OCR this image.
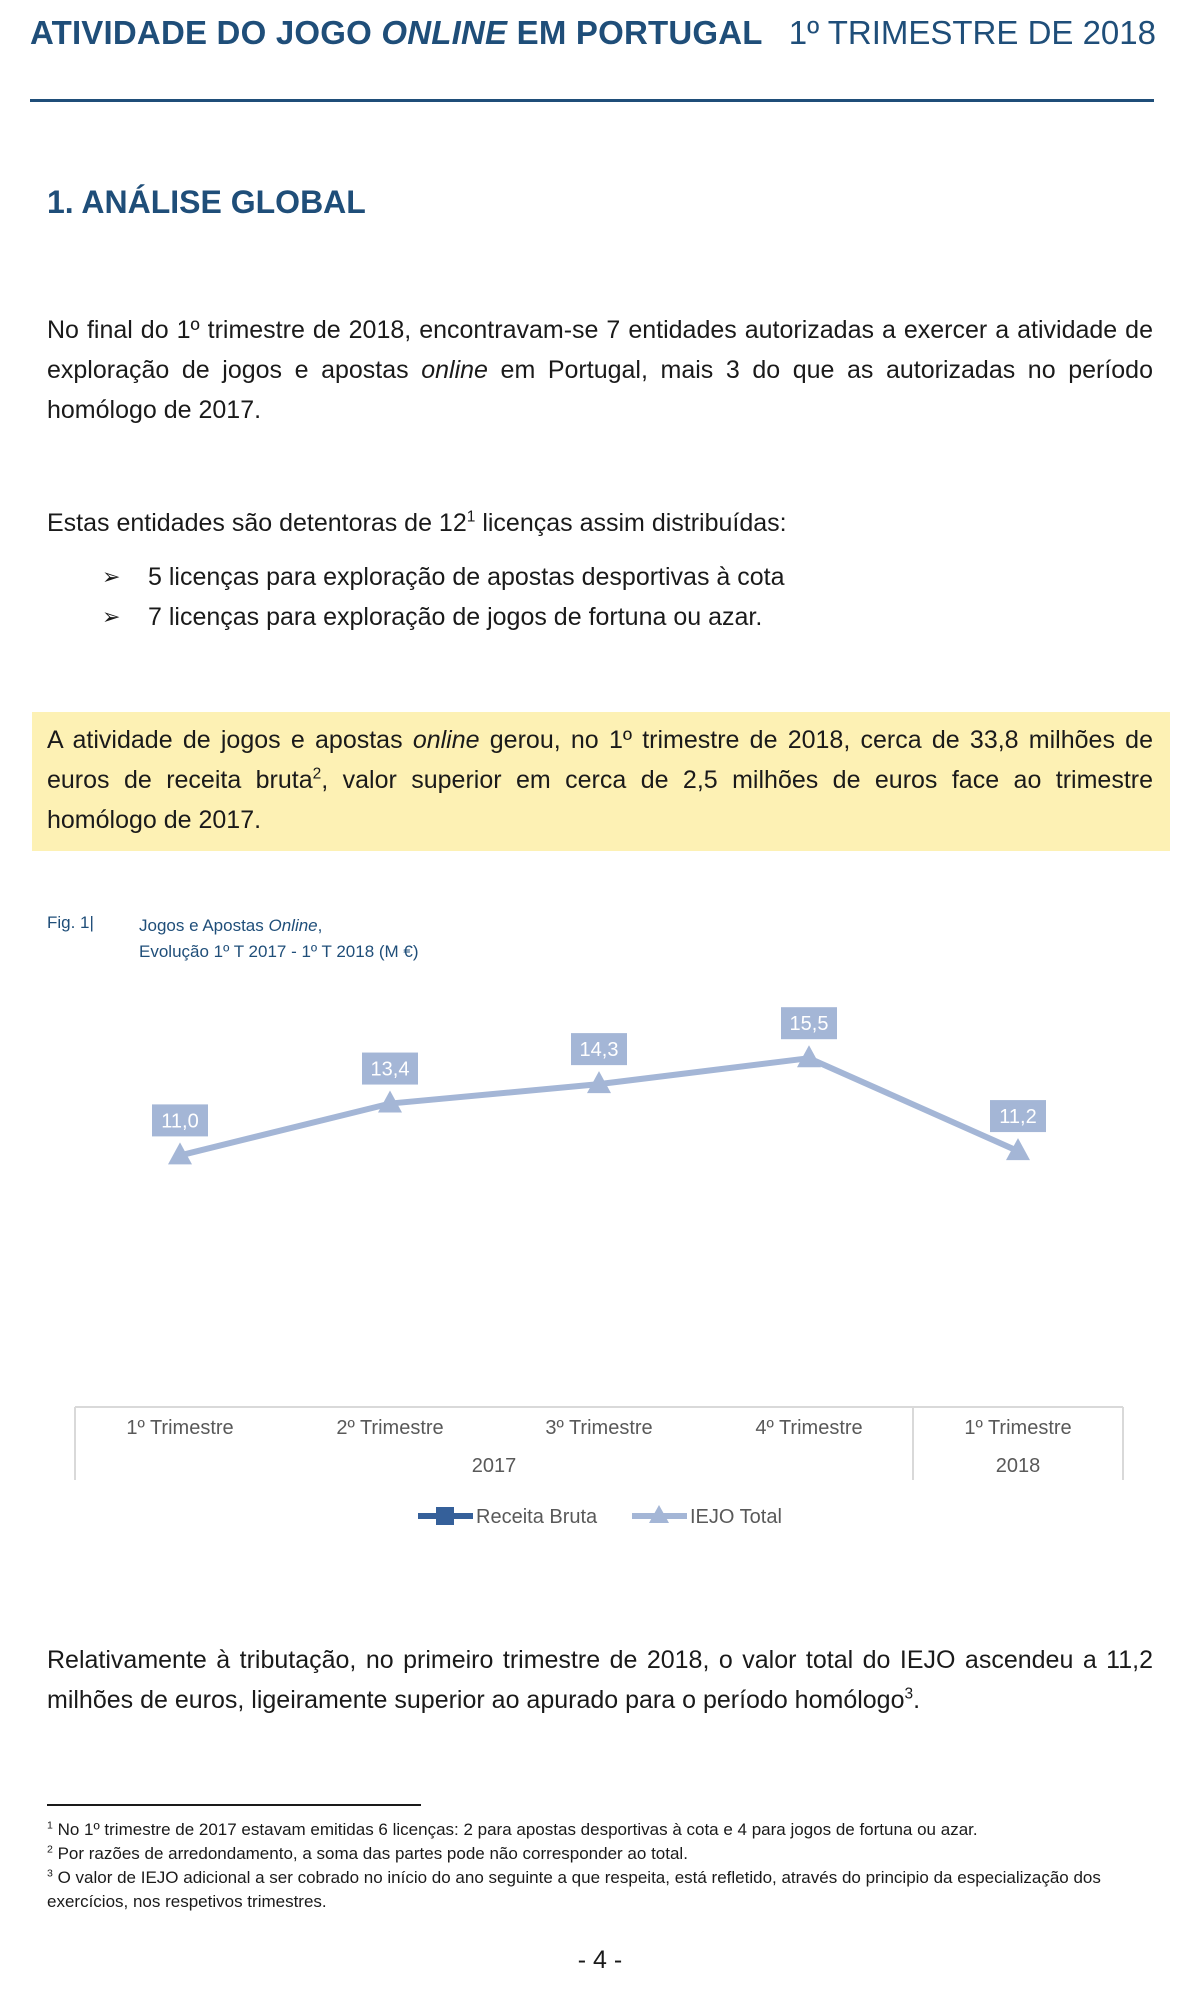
ATIVIDADE DO JOGO ONLINE EM PORTUGAL 1º TRIMESTRE DE 2018
1. ANÁLISE GLOBAL
No final do 1º trimestre de 2018, encontravam-se 7 entidades autorizadas a exercer a atividade de exploração de jogos e apostas online em Portugal, mais 3 do que as autorizadas no período homólogo de 2017.
Estas entidades são detentoras de $12^1$ licenças assim distribuídas:
➢ 5 licenças para exploração de apostas desportivas à cota
➢ 7 licenças para exploração de jogos de fortuna ou azar.
A atividade de jogos e apostas online gerou, no 1º trimestre de 2018, cerca de 33,8 milhões de euros de receita bruta$^2$, valor superior em cerca de 2,5 milhões de euros face ao trimestre homólogo de 2017.
Fig. 1|	Jogos e Apostas Online,
Evolução 1º T 2017 - 1º T 2018 (M €)
11,0
13,4
14,3
15,5
11,2
1º Trimestre	2º Trimestre	3º Trimestre	4º Trimestre	1º Trimestre
2017	2018
Receita Bruta	IEJO Total
Relativamente à tributação, no primeiro trimestre de 2018, o valor total do IEJO ascendeu a 11,2 milhões de euros, ligeiramente superior ao apurado para o período homólogo$^3$.

$^1$ No 1º trimestre de 2017 estavam emitidas 6 licenças: 2 para apostas desportivas à cota e 4 para jogos de fortuna ou azar.

$^2$ Por razões de arredondamento, a soma das partes pode não corresponder ao total.

$^3$ O valor de IEJO adicional a ser cobrado no início do ano seguinte a que respeita, está refletido, através do principio da especialização dos exercícios, nos respetivos trimestres.

- 4 -
